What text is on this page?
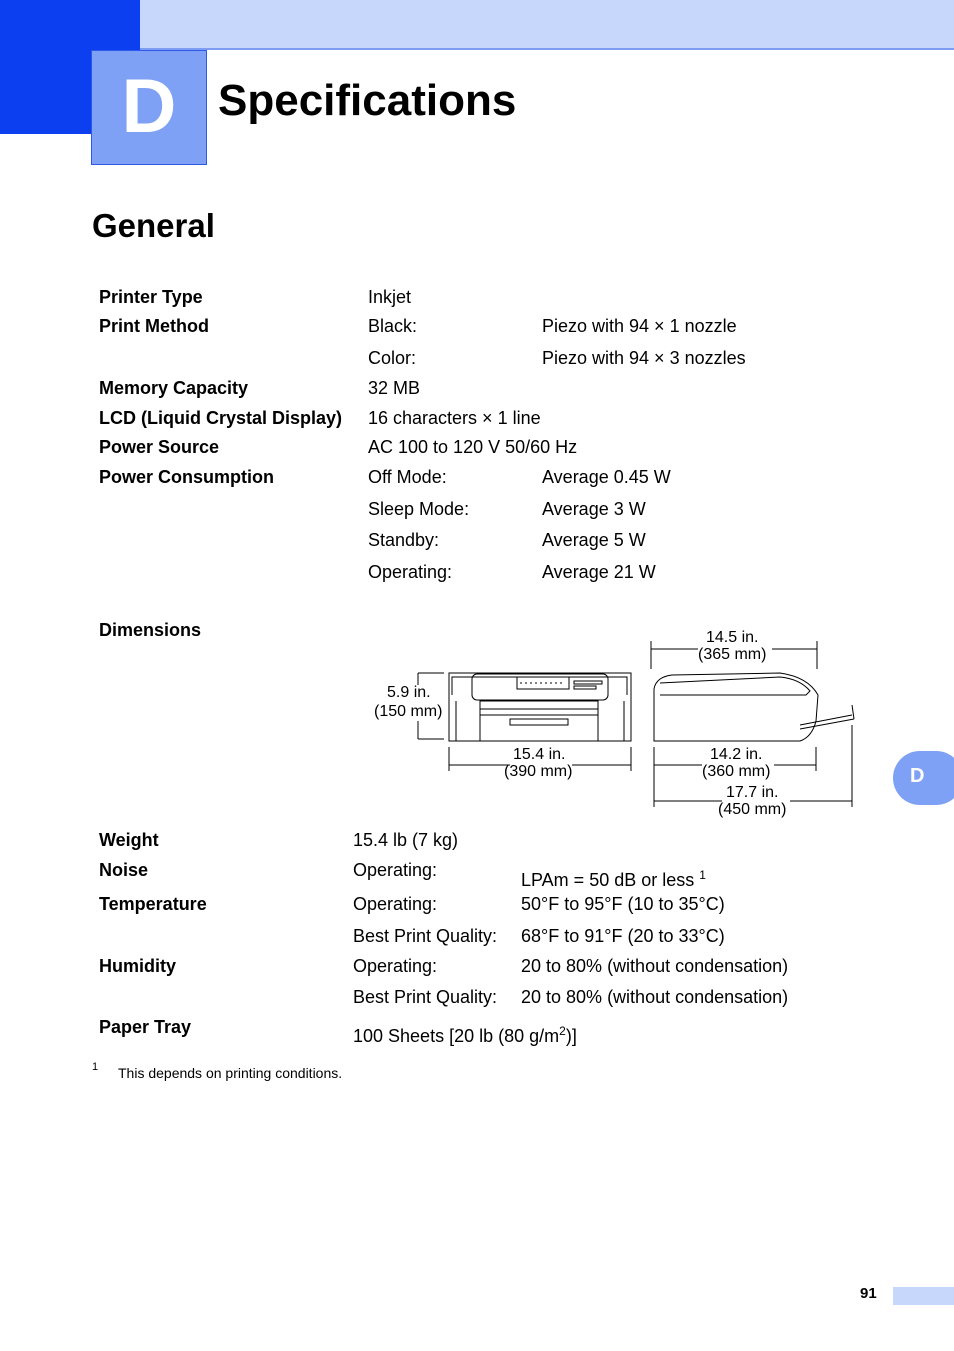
D Specifications
General
Printer Type	Inkjet
Print Method	Black:	Piezo with 94 × 1 nozzle
Color:	Piezo with 94 × 3 nozzles
Memory Capacity	32 MB
LCD (Liquid Crystal Display) 16 characters × 1 line
Power Source	AC 100 to 120 V 50/60 Hz
Power Consumption	Off Mode:	Average 0.45 W
Sleep Mode:	Average 3 W
Standby:	Average 5 W
Operating:	Average 21 W
Dimensions
5.9 in.
(150 mm)
15.4 in.
(390 mm)
14.5 in.
(365 mm)
14.2 in.
(360 mm)
17.7 in.
(450 mm)
Weight	15.4 lb (7 kg)
Noise	Operating:	LPAm = 50 dB or less $^1$
Temperature	Operating:	50°F to 95°F (10 to 35°C)
Best Print Quality: 68°F to 91°F (20 to 33°C)
Humidity	Operating:	20 to 80% (without condensation)
Best Print Quality: 20 to 80% (without condensation)
Paper Tray	100 Sheets [20 lb (80 $g/m^2$)]
1 This depends on printing conditions.
D
91
